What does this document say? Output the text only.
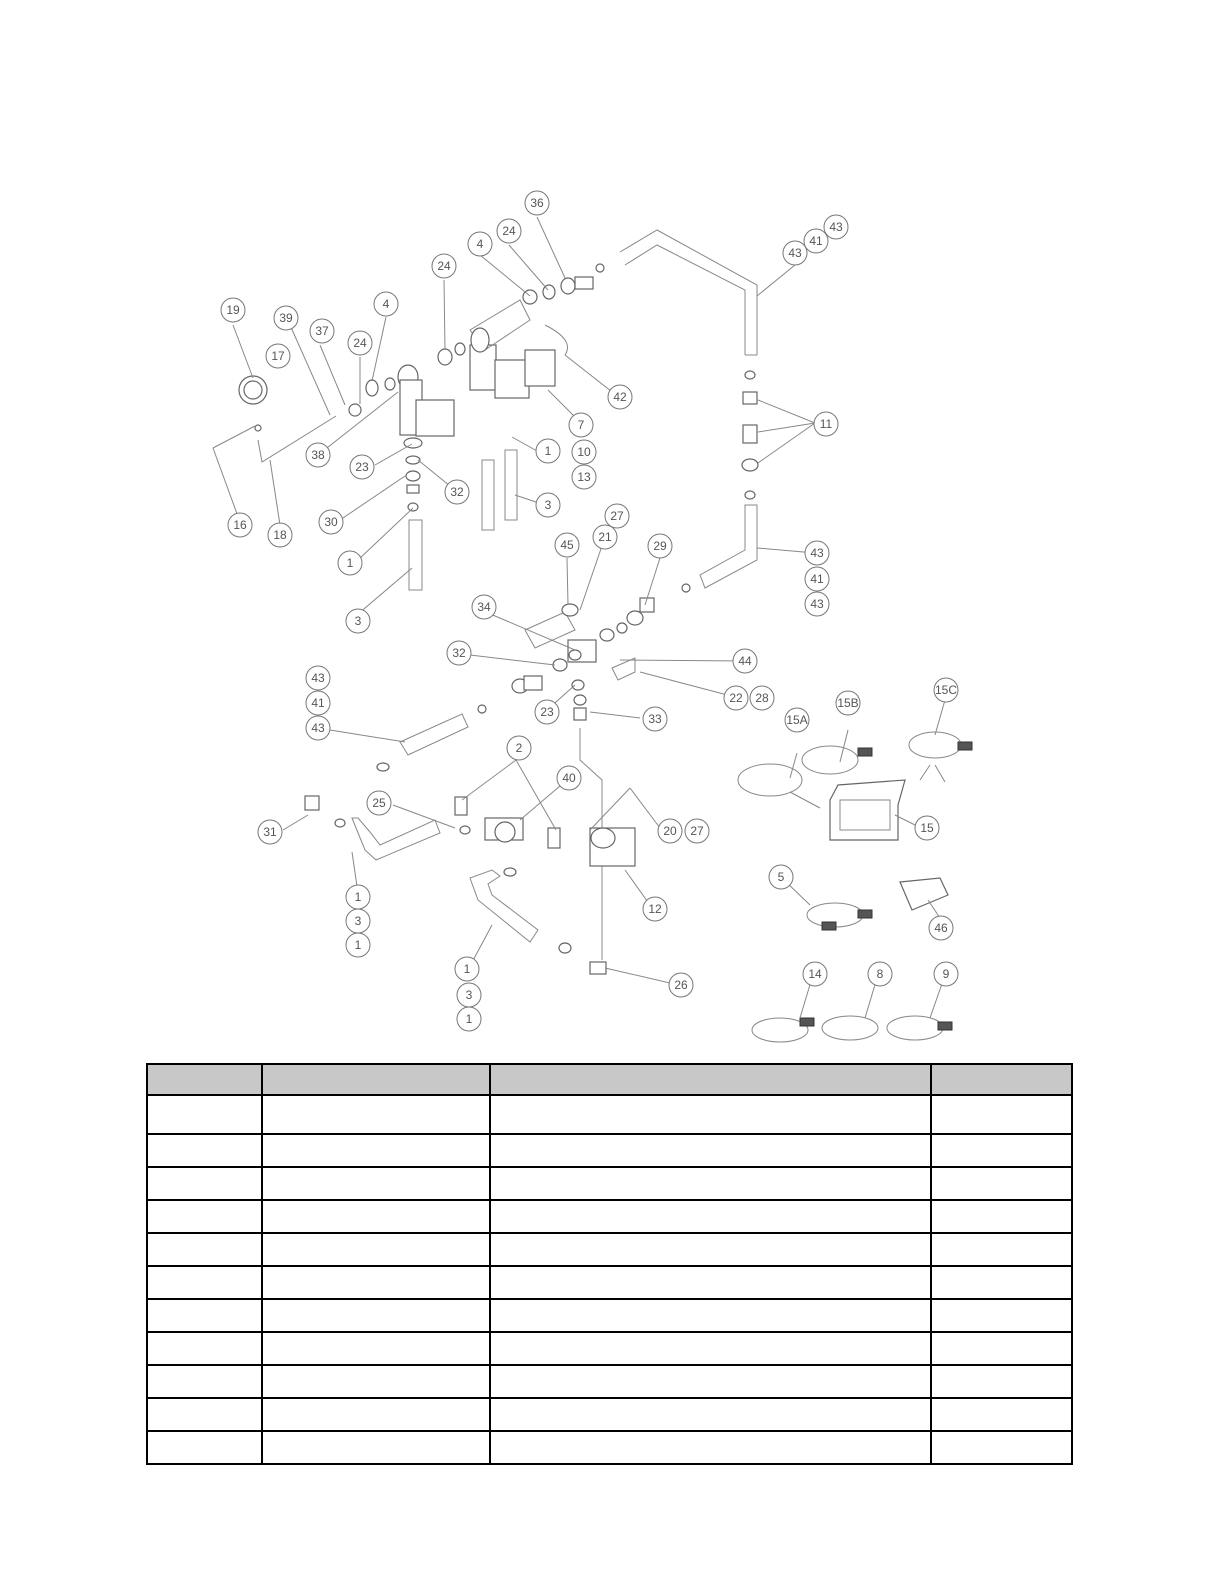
36
24
4
24
4
24
19
39
37
17
38
23
32
30
16
18
1
3
42
7
10
13
1
3
43
41
43
11
27
21
45	29	43
41
43
34
32
44
22 28
23	33
43
41
43
15A
15B
15C
15
2
40
25
31	20 27
12
1
3
1
5
46
1
3
1
26
14	8	9
